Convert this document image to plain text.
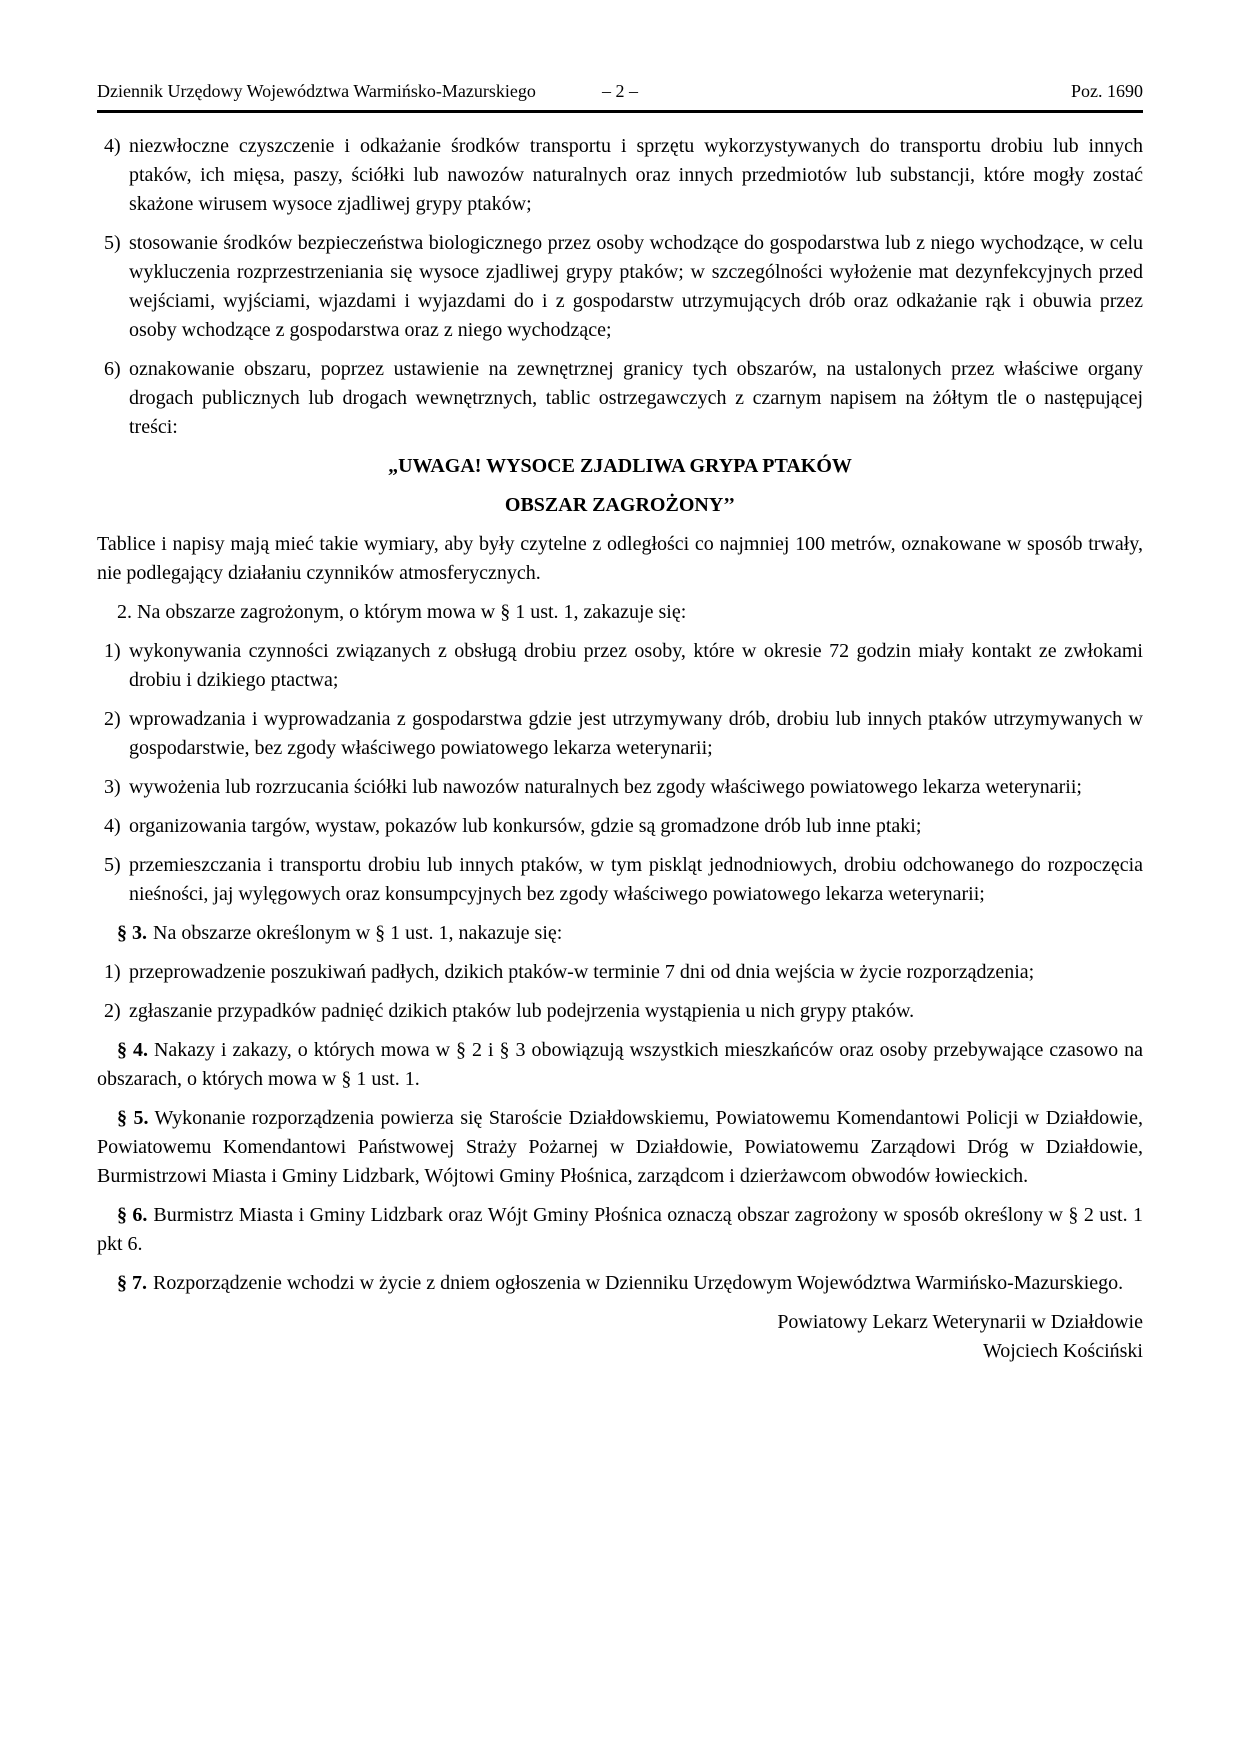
Dziennik Urzędowy Województwa Warmińsko-Mazurskiego	– 2 –	Poz. 1690
4) niezwłoczne czyszczenie i odkażanie środków transportu i sprzętu wykorzystywanych do transportu drobiu lub innych ptaków, ich mięsa, paszy, ściółki lub nawozów naturalnych oraz innych przedmiotów lub substancji, które mogły zostać skażone wirusem wysoce zjadliwej grypy ptaków;
5) stosowanie środków bezpieczeństwa biologicznego przez osoby wchodzące do gospodarstwa lub z niego wychodzące, w celu wykluczenia rozprzestrzeniania się wysoce zjadliwej grypy ptaków; w szczególności wyłożenie mat dezynfekcyjnych przed wejściami, wyjściami, wjazdami i wyjazdami do i z gospodarstw utrzymujących drób oraz odkażanie rąk i obuwia przez osoby wchodzące z gospodarstwa oraz z niego wychodzące;
6) oznakowanie obszaru, poprzez ustawienie na zewnętrznej granicy tych obszarów, na ustalonych przez właściwe organy drogach publicznych lub drogach wewnętrznych, tablic ostrzegawczych z czarnym napisem na żółtym tle o następującej treści:

„UWAGA! WYSOCE ZJADLIWA GRYPA PTAKÓW

OBSZAR ZAGROŻONY’’

Tablice i napisy mają mieć takie wymiary, aby były czytelne z odległości co najmniej 100 metrów, oznakowane w sposób trwały, nie podlegający działaniu czynników atmosferycznych.

2. Na obszarze zagrożonym, o którym mowa w § 1 ust. 1, zakazuje się:

1) wykonywania czynności związanych z obsługą drobiu przez osoby, które w okresie 72 godzin miały kontakt ze zwłokami drobiu i dzikiego ptactwa;
2) wprowadzania i wyprowadzania z gospodarstwa gdzie jest utrzymywany drób, drobiu lub innych ptaków utrzymywanych w gospodarstwie, bez zgody właściwego powiatowego lekarza weterynarii;
3) wywożenia lub rozrzucania ściółki lub nawozów naturalnych bez zgody właściwego powiatowego lekarza weterynarii;
4) organizowania targów, wystaw, pokazów lub konkursów, gdzie są gromadzone drób lub inne ptaki;
5) przemieszczania i transportu drobiu lub innych ptaków, w tym piskląt jednodniowych, drobiu odchowanego do rozpoczęcia nieśności, jaj wylęgowych oraz konsumpcyjnych bez zgody właściwego powiatowego lekarza weterynarii;

§ 3. Na obszarze określonym w § 1 ust. 1, nakazuje się:

1) przeprowadzenie poszukiwań padłych, dzikich ptaków-w terminie 7 dni od dnia wejścia w życie rozporządzenia;
2) zgłaszanie przypadków padnięć dzikich ptaków lub podejrzenia wystąpienia u nich grypy ptaków.

§ 4. Nakazy i zakazy, o których mowa w § 2 i § 3 obowiązują wszystkich mieszkańców oraz osoby przebywające czasowo na obszarach, o których mowa w § 1 ust. 1.

§ 5. Wykonanie rozporządzenia powierza się Staroście Działdowskiemu, Powiatowemu Komendantowi Policji w Działdowie, Powiatowemu Komendantowi Państwowej Straży Pożarnej w Działdowie, Powiatowemu Zarządowi Dróg w Działdowie, Burmistrzowi Miasta i Gminy Lidzbark, Wójtowi Gminy Płośnica, zarządcom i dzierżawcom obwodów łowieckich.

§ 6. Burmistrz Miasta i Gminy Lidzbark oraz Wójt Gminy Płośnica oznaczą obszar zagrożony w sposób określony w § 2 ust. 1 pkt 6.

§ 7. Rozporządzenie wchodzi w życie z dniem ogłoszenia w Dzienniku Urzędowym Województwa Warmińsko-Mazurskiego.

Powiatowy Lekarz Weterynarii w Działdowie
Wojciech Kościński
